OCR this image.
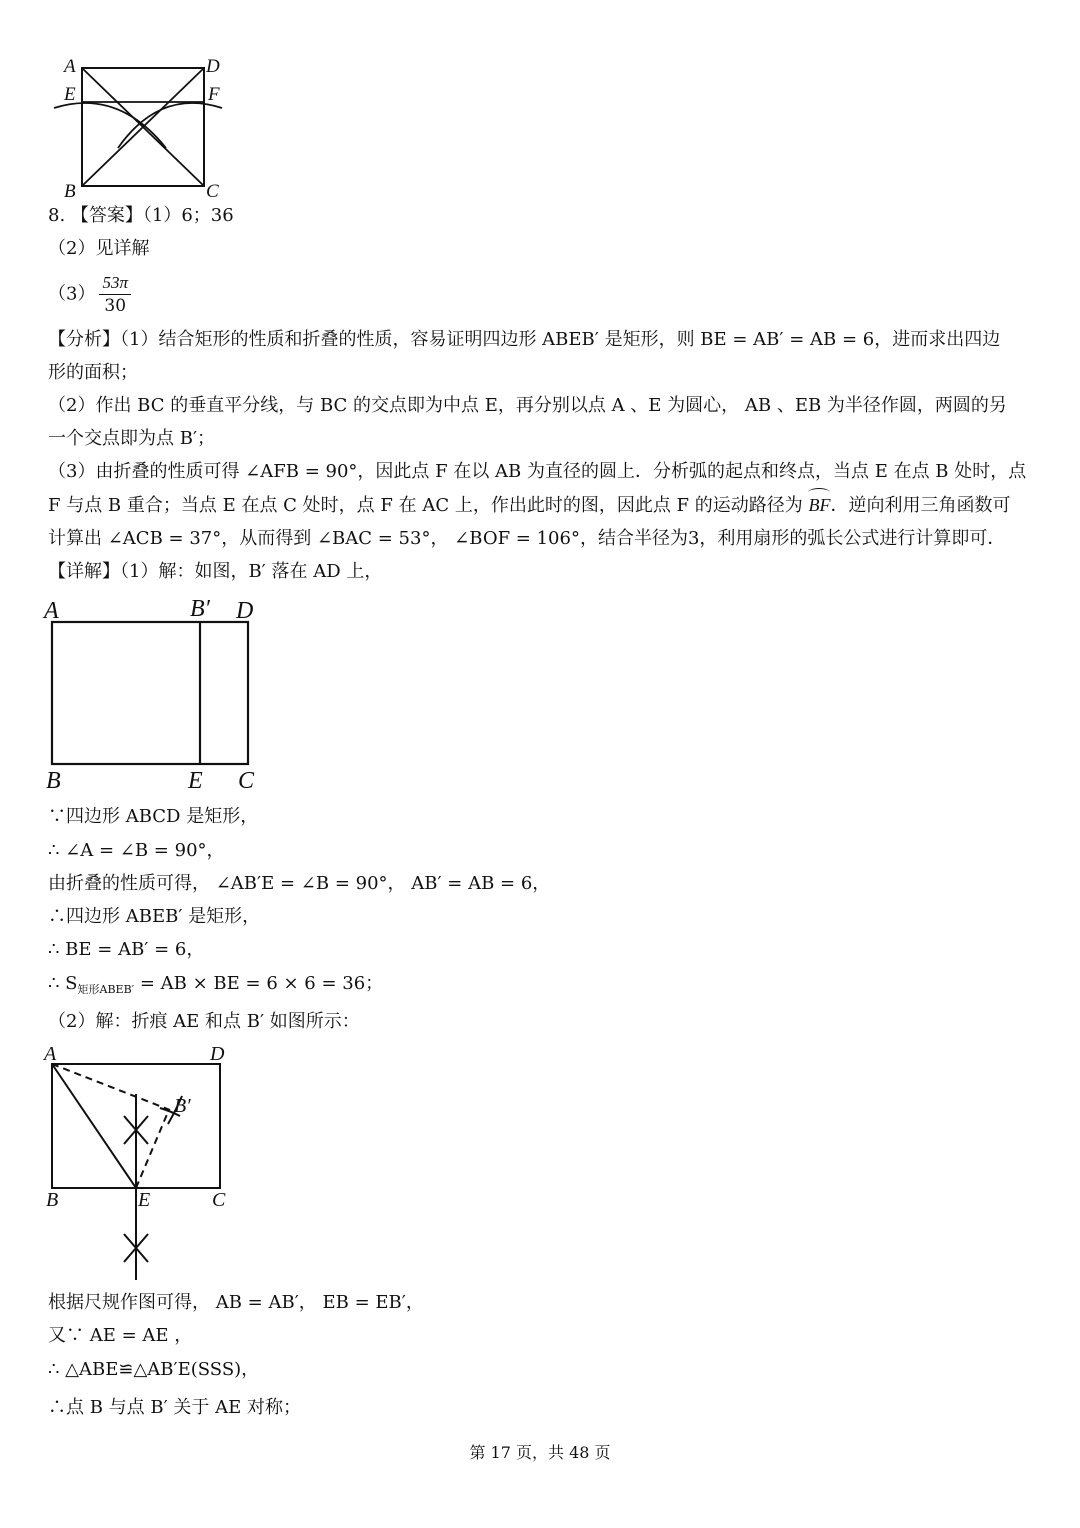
A	D
E	F
B	C
8. 【答案】（1）6；36
（2）见详解
$(3) \frac{53\pi}{30}$
【分析】（1）结合矩形的性质和折叠的性质，容易证明四边形 ABEB′ 是矩形，则 BE = AB′ = AB = 6，进而求出四边
形的面积；
（2）作出 BC 的垂直平分线，与 BC 的交点即为中点 E，再分别以点 A 、E 为圆心， AB 、EB 为半径作圆，两圆的另
一个交点即为点 B′；
（3）由折叠的性质可得 ∠AFB = 90°，因此点 F 在以 AB 为直径的圆上．分析弧的起点和终点，当点 E 在点 B 处时，点
F 与点 B 重合；当点 E 在点 C 处时，点 F 在 AC 上，作出此时的图，因此点 F 的运动路径为 BF．逆向利用三角函数可
计算出 ∠ACB = 37°，从而得到 ∠BAC = 53°， ∠BOF = 106°，结合半径为3，利用扇形的弧长公式进行计算即可．
【详解】（1）解：如图，B′ 落在 AD 上，
A	B′ D
B	E C
∵四边形 ABCD 是矩形，
∴ ∠A = ∠B = 90°，
由折叠的性质可得， ∠AB′E = ∠B = 90°， AB′ = AB = 6，
∴四边形 ABEB′ 是矩形，
∴ BE = AB′ = 6，
∴ $S_{矩形ABEB'}$ = AB × BE = 6 × 6 = 36；
（2）解：折痕 AE 和点 B′ 如图所示：
A	D
B′
B	E	C
根据尺规作图可得， AB = AB′， EB = EB′，
又∵ AE = AE ，
∴ △ABE≌△AB′E(SSS)，
∴点 B 与点 B′ 关于 AE 对称；
第 17 页，共 48 页
